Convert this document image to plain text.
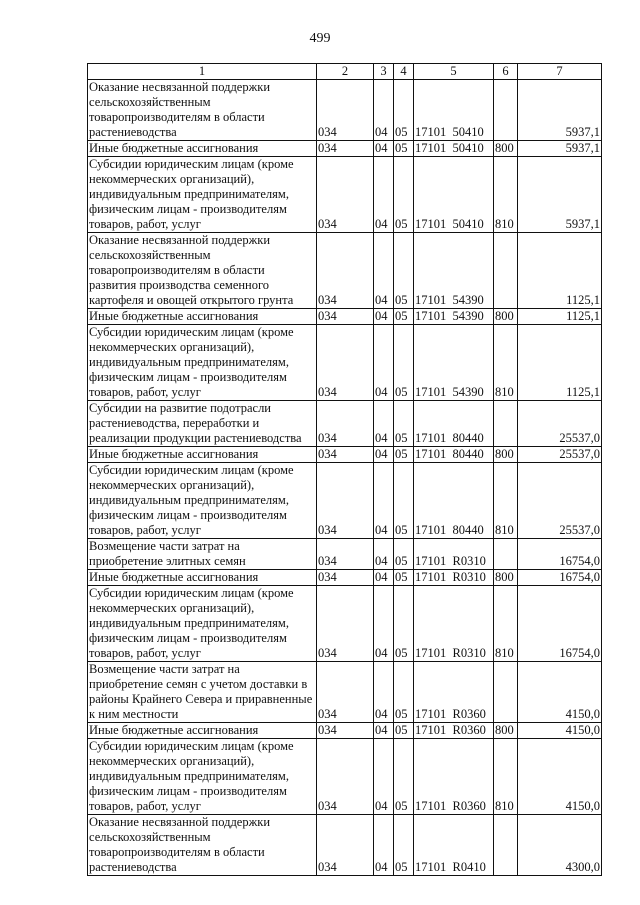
499
1	2	3	4	5	6	7
Оказание несвязанной поддержки сельскохозяйственным товаропроизводителям в области растениеводства	034	04	05	17101  50410		5937,1
Иные бюджетные ассигнования	034	04	05	17101  50410	800	5937,1
Субсидии юридическим лицам (кроме некоммерческих организаций), индивидуальным предпринимателям, физическим лицам - производителям товаров, работ, услуг	034	04	05	17101  50410	810	5937,1
Оказание несвязанной поддержки сельскохозяйственным товаропроизводителям в области развития производства семенного картофеля и овощей открытого грунта	034	04	05	17101  54390		1125,1
Иные бюджетные ассигнования	034	04	05	17101  54390	800	1125,1
Субсидии юридическим лицам (кроме некоммерческих организаций), индивидуальным предпринимателям, физическим лицам - производителям товаров, работ, услуг	034	04	05	17101  54390	810	1125,1
Субсидии на развитие подотрасли растениеводства, переработки и реализации продукции растениеводства	034	04	05	17101  80440		25537,0
Иные бюджетные ассигнования	034	04	05	17101  80440	800	25537,0
Субсидии юридическим лицам (кроме некоммерческих организаций), индивидуальным предпринимателям, физическим лицам - производителям товаров, работ, услуг	034	04	05	17101  80440	810	25537,0
Возмещение части затрат на приобретение элитных семян	034	04	05	17101  R0310		16754,0
Иные бюджетные ассигнования	034	04	05	17101  R0310	800	16754,0
Субсидии юридическим лицам (кроме некоммерческих организаций), индивидуальным предпринимателям, физическим лицам - производителям товаров, работ, услуг	034	04	05	17101  R0310	810	16754,0
Возмещение части затрат на приобретение семян с учетом доставки в районы Крайнего Севера и приравненные к ним местности	034	04	05	17101  R0360		4150,0
Иные бюджетные ассигнования	034	04	05	17101  R0360	800	4150,0
Субсидии юридическим лицам (кроме некоммерческих организаций), индивидуальным предпринимателям, физическим лицам - производителям товаров, работ, услуг	034	04	05	17101  R0360	810	4150,0
Оказание несвязанной поддержки сельскохозяйственным товаропроизводителям в области растениеводства	034	04	05	17101  R0410		4300,0
